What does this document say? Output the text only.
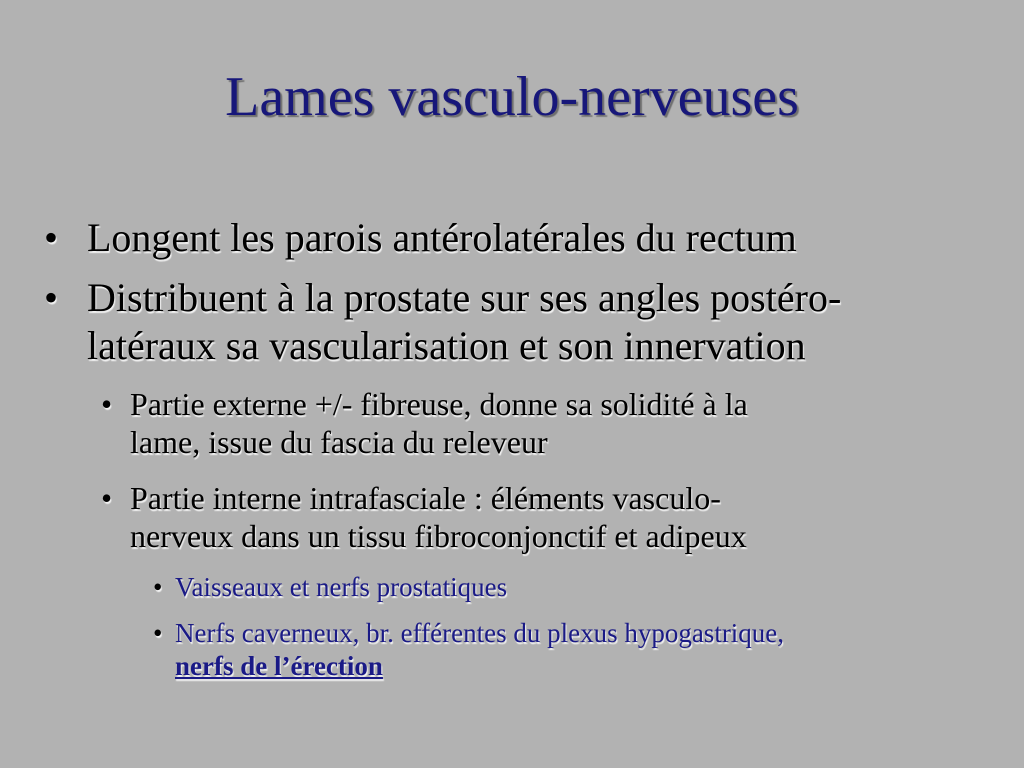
Lames vasculo-nerveuses
• Longent les parois antérolatérales du rectum
• Distribuent à la prostate sur ses angles postéro-
latéraux sa vascularisation et son innervation
• Partie externe +/- fibreuse, donne sa solidité à la
lame, issue du fascia du releveur
• Partie interne intrafasciale : éléments vasculo-
nerveux dans un tissu fibroconjonctif et adipeux
• Vaisseaux et nerfs prostatiques
• Nerfs caverneux, br. efférentes du plexus hypogastrique,
nerfs de l’érection
